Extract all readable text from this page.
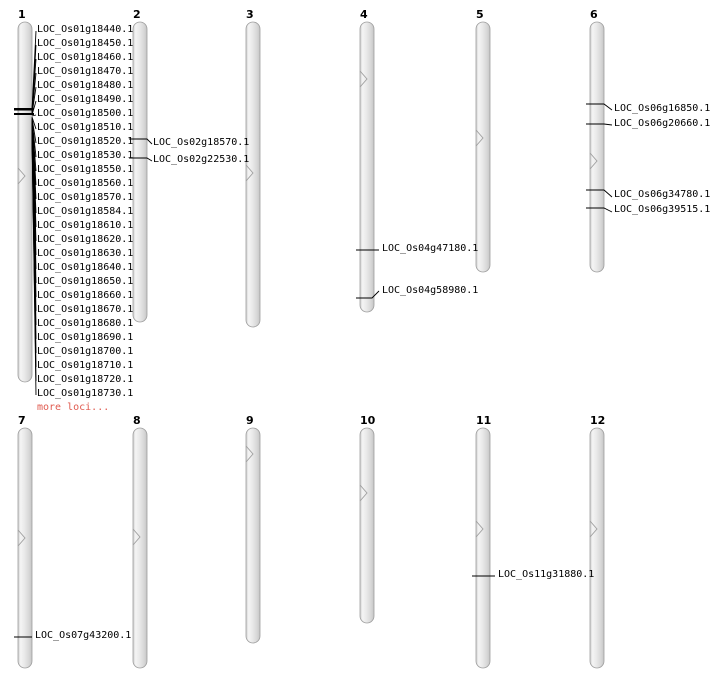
1	2	3	4	5	6
7	8	9	10	11	12
LOC_Os01g18440.1
LOC_Os01g18450.1
LOC_Os01g18460.1
LOC_Os01g18470.1
LOC_Os01g18480.1
LOC_Os01g18490.1
LOC_Os01g18500.1
LOC_Os01g18510.1
LOC_Os01g18520.1
LOC_Os01g18530.1
LOC_Os01g18550.1
LOC_Os01g18560.1
LOC_Os01g18570.1
LOC_Os01g18584.1
LOC_Os01g18610.1
LOC_Os01g18620.1
LOC_Os01g18630.1
LOC_Os01g18640.1
LOC_Os01g18650.1
LOC_Os01g18660.1
LOC_Os01g18670.1
LOC_Os01g18680.1
LOC_Os01g18690.1
LOC_Os01g18700.1
LOC_Os01g18710.1
LOC_Os01g18720.1
LOC_Os01g18730.1
more loci...
LOC_Os02g18570.1
LOC_Os02g22530.1
LOC_Os04g47180.1
LOC_Os04g58980.1
LOC_Os06g16850.1
LOC_Os06g20660.1
LOC_Os06g34780.1
LOC_Os06g39515.1
LOC_Os07g43200.1
LOC_Os11g31880.1
